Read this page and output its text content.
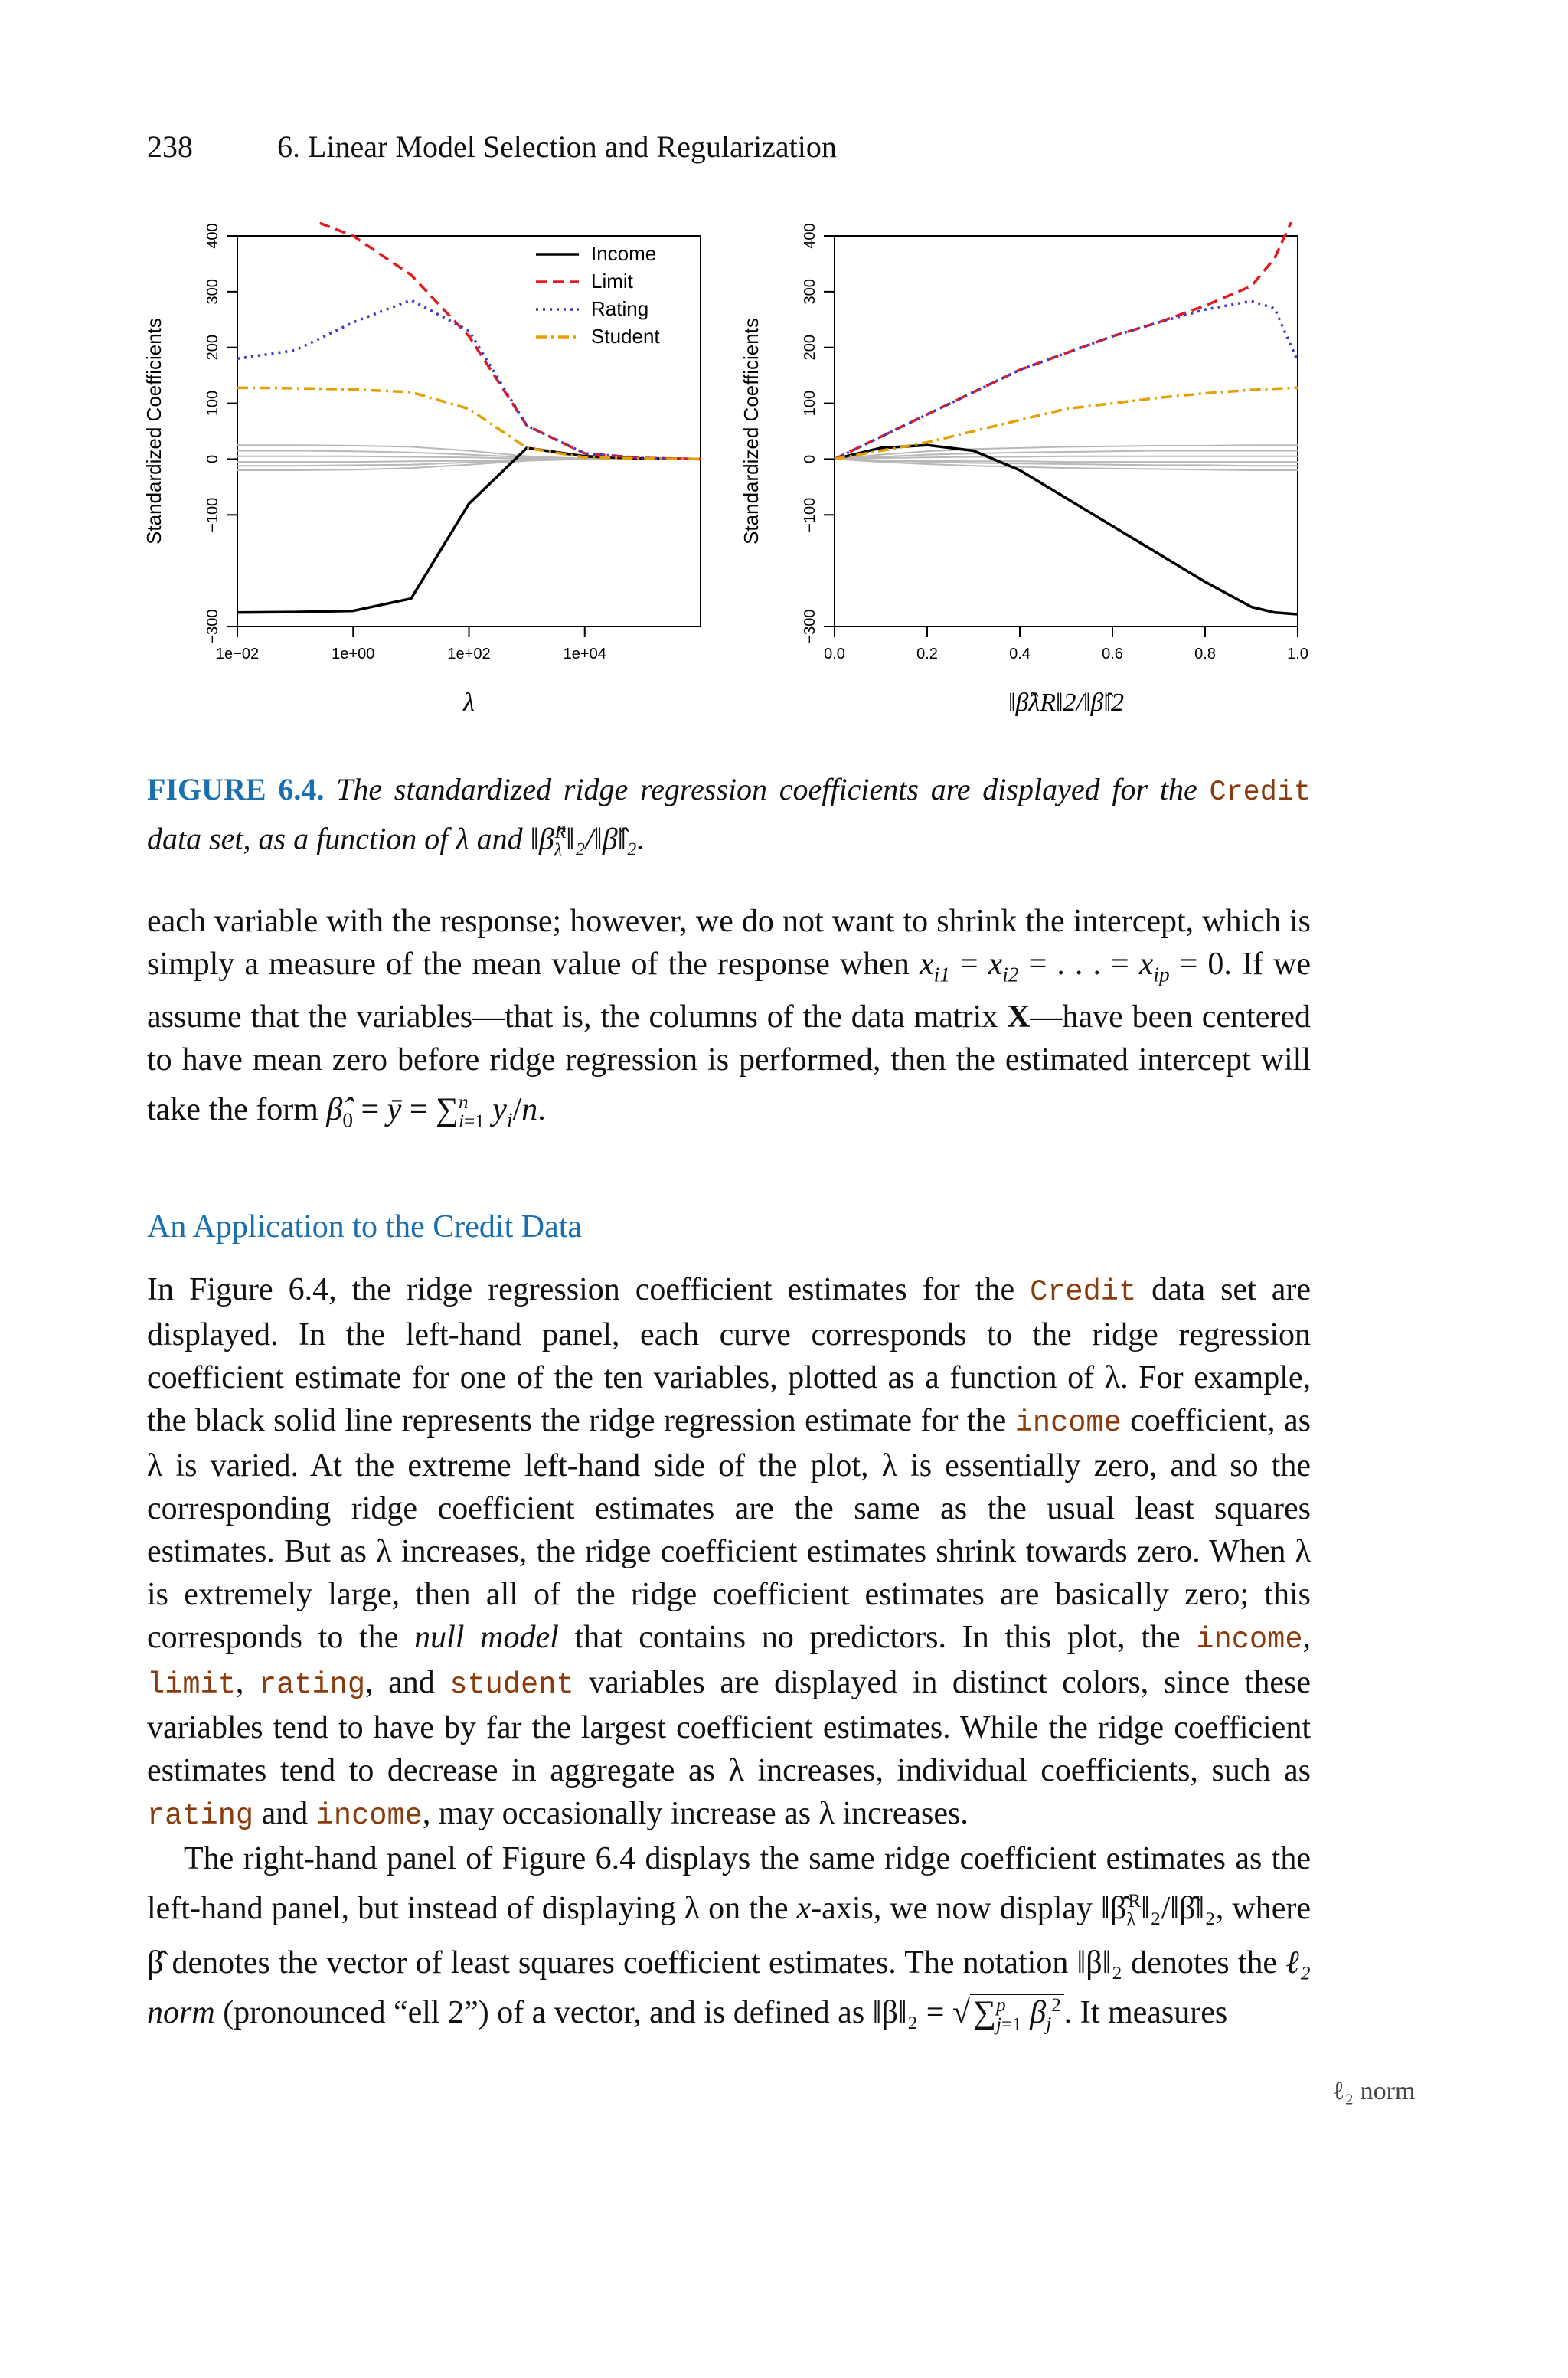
238	6. Linear Model Selection and Regularization
−300
−100
0
100
200
300
400
1e−02	1e+00	1e+02	1e+04
Standardized Coefficients
λ
Income
Limit
Rating
Student
−300
−100
0
100
200
300
400
0.0	0.2	0.4	0.6	0.8	1.0
Standardized Coefficients
‖β̂λR‖2/‖β̂‖2
FIGURE 6.4. The standardized ridge regression coefficients are displayed for the Credit data set, as a function of λ and $‖\betâ_\lambda^R‖_2/‖\betâ‖_2$.

each variable with the response; however, we do not want to shrink the intercept, which is simply a measure of the mean value of the response when $x_{i1} = x_{i2}$ = . . . = $x_{ip} = 0$. If we assume that the variables—that is, the columns of the data matrix X—have been centered to have mean zero before ridge regression is performed, then the estimated intercept will take the form $\betâ_0$ = ȳ = ∑$^n_{i=1}$ $y_i/n$.

An Application to the Credit Data

In Figure 6.4, the ridge regression coefficient estimates for the Credit data set are displayed. In the left-hand panel, each curve corresponds to the ridge regression coefficient estimate for one of the ten variables, plotted as a function of λ. For example, the black solid line represents the ridge regression estimate for the income coefficient, as λ is varied. At the extreme left-hand side of the plot, λ is essentially zero, and so the corresponding ridge coefficient estimates are the same as the usual least squares estimates. But as λ increases, the ridge coefficient estimates shrink towards zero. When λ is extremely large, then all of the ridge coefficient estimates are basically zero; this corresponds to the null model that contains no predictors. In this plot, the income, limit, rating, and student variables are displayed in distinct colors, since these variables tend to have by far the largest coefficient estimates. While the ridge coefficient estimates tend to decrease in aggregate as λ increases, individual coefficients, such as rating and income, may occasionally increase as λ increases.

The right-hand panel of Figure 6.4 displays the same ridge coefficient estimates as the left-hand panel, but instead of displaying λ on the x-axis, we now display $‖\betâ_\lambda^R‖_2/‖\betâ‖_2$, where β̂ denotes the vector of least squares coefficient estimates. The notation ‖β‖₂ denotes the ℓ₂ norm (pronounced “ell 2”) of a vector, and is defined as ‖β‖₂ = √∑$^p_{j=1}$ $\beta_j^2$. It measures

ℓ₂ norm
